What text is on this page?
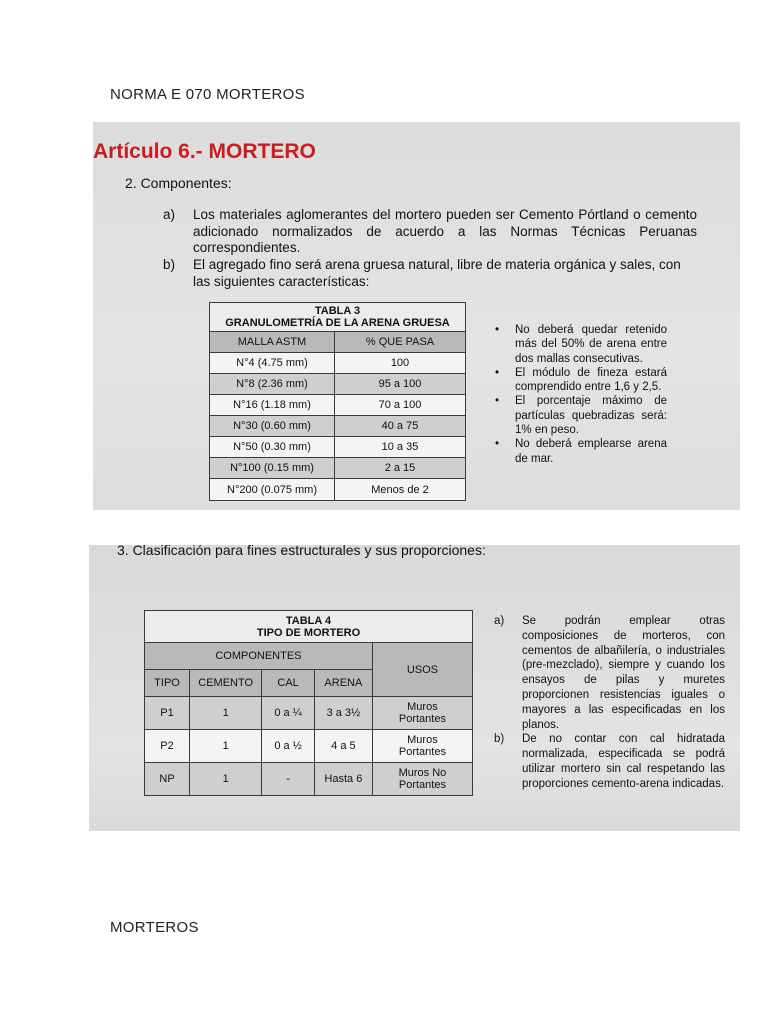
NORMA E 070 MORTEROS
Artículo 6.- MORTERO
2. Componentes:
a) Los materiales aglomerantes del mortero pueden ser Cemento Pórtland o cemento adicionado normalizados de acuerdo a las Normas Técnicas Peruanas correspondientes.
b) El agregado fino será arena gruesa natural, libre de materia orgánica y sales, con las siguientes características:
TABLA 3
GRANULOMETRÍA DE LA ARENA GRUESA	

MALLA ASTM	% QUE PASA
N°4 (4.75 mm)	100
N°8 (2.36 mm)	95 a 100
N°16 (1.18 mm)	70 a 100
N°30 (0.60 mm)	40 a 75
N°50 (0.30 mm)	10 a 35
N°100 (0.15 mm)	2 a 15
N°200 (0.075 mm)	Menos de 2
• No deberá quedar retenido más del 50% de arena entre dos mallas consecutivas.
• El módulo de fineza estará comprendido entre 1,6 y 2,5.
• El porcentaje máximo de partículas quebradizas será: 1% en peso.
• No deberá emplearse arena de mar.
3. Clasificación para fines estructurales y sus proporciones:
TABLA 4
TIPO DE MORTERO				

COMPONENTES				USOS
TIPO	CEMENTO	CAL	ARENA	
P1	1	0 a ¼	3 a 3½	Muros Portantes
P2	1	0 a ½	4 a 5	Muros Portantes
NP	1	-	Hasta 6	Muros No Portantes
a) Se podrán emplear otras composiciones de morteros, con cementos de albañilería, o industriales (pre-mezclado), siempre y cuando los ensayos de pilas y muretes proporcionen resistencias iguales o mayores a las especificadas en los planos.
b) De no contar con cal hidratada normalizada, especificada se podrá utilizar mortero sin cal respetando las proporciones cemento-arena indicadas.
MORTEROS
